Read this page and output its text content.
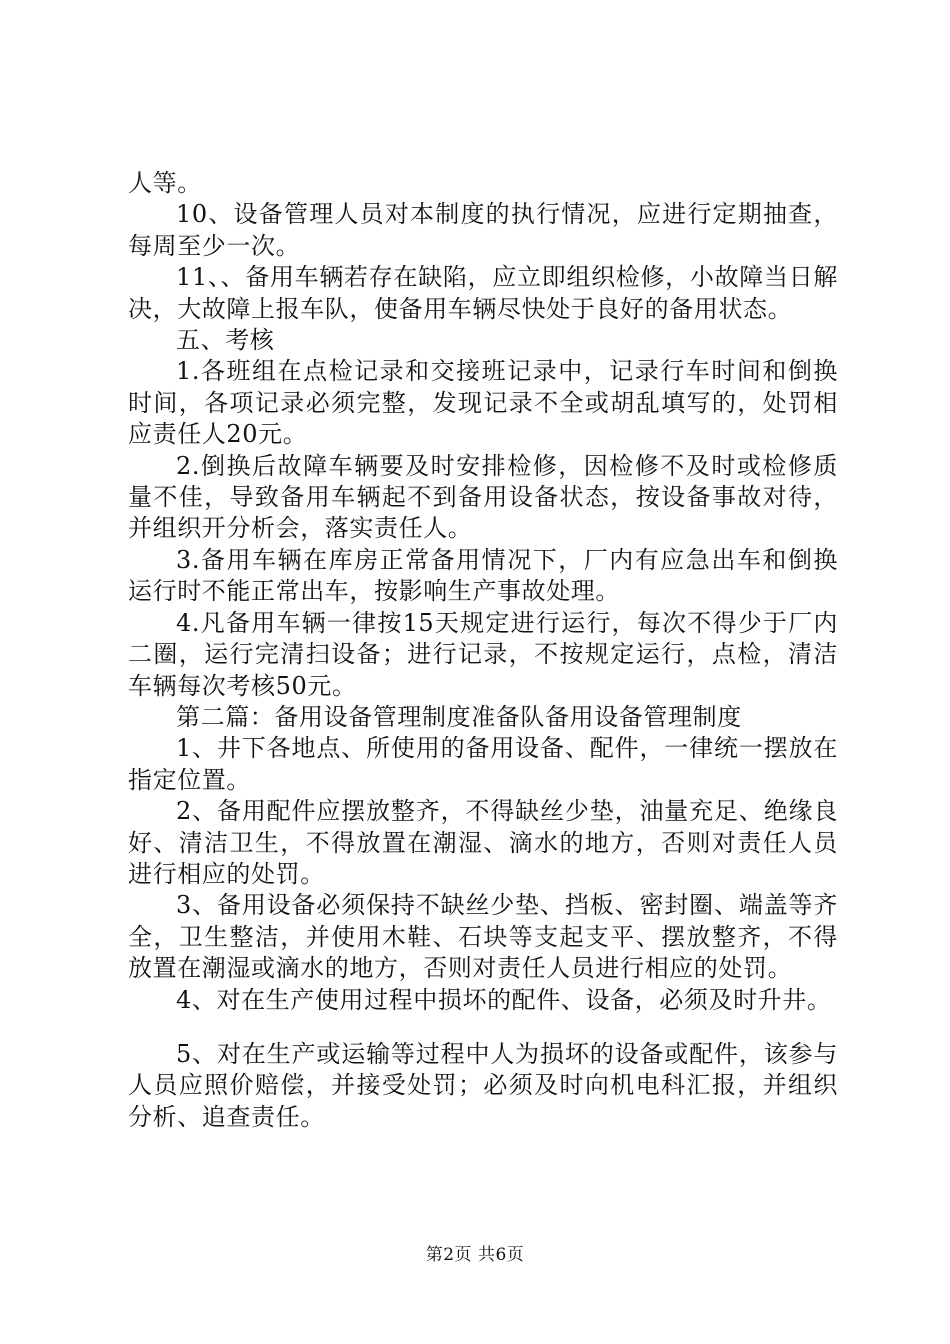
人等。

10、设备管理人员对本制度的执行情况，应进行定期抽查，每周至少一次。

11、、备用车辆若存在缺陷，应立即组织检修，小故障当日解决，大故障上报车队，使备用车辆尽快处于良好的备用状态。

五、考核

1.各班组在点检记录和交接班记录中，记录行车时间和倒换时间，各项记录必须完整，发现记录不全或胡乱填写的，处罚相应责任人20元。

2.倒换后故障车辆要及时安排检修，因检修不及时或检修质量不佳，导致备用车辆起不到备用设备状态，按设备事故对待，并组织开分析会，落实责任人。

3.备用车辆在库房正常备用情况下，厂内有应急出车和倒换运行时不能正常出车，按影响生产事故处理。

4.凡备用车辆一律按15天规定进行运行，每次不得少于厂内二圈，运行完清扫设备；进行记录，不按规定运行，点检，清洁车辆每次考核50元。

第二篇：备用设备管理制度准备队备用设备管理制度

1、井下各地点、所使用的备用设备、配件，一律统一摆放在指定位置。

2、备用配件应摆放整齐，不得缺丝少垫，油量充足、绝缘良好、清洁卫生，不得放置在潮湿、滴水的地方，否则对责任人员进行相应的处罚。

3、备用设备必须保持不缺丝少垫、挡板、密封圈、端盖等齐全，卫生整洁，并使用木鞋、石块等支起支平、摆放整齐，不得放置在潮湿或滴水的地方，否则对责任人员进行相应的处罚。

4、对在生产使用过程中损坏的配件、设备，必须及时升井。

5、对在生产或运输等过程中人为损坏的设备或配件，该参与人员应照价赔偿，并接受处罚；必须及时向机电科汇报，并组织分析、追查责任。

第2页 共6页
